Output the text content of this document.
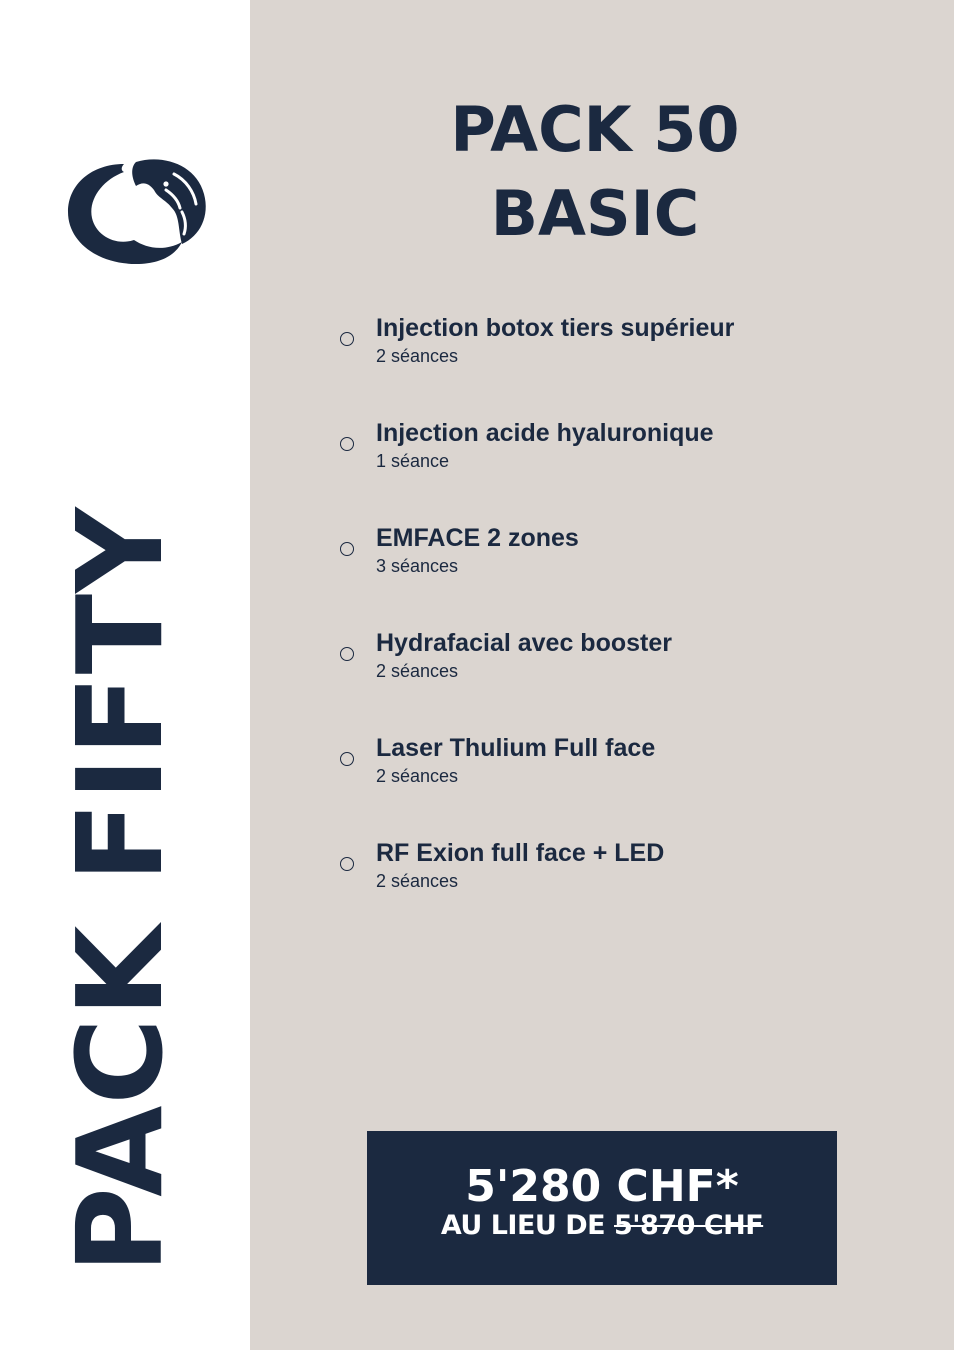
PACK FIFTY
PACK 50
BASIC
Injection botox tiers supérieur
2 séances
Injection acide hyaluronique
1 séance
EMFACE 2 zones
3 séances
Hydrafacial avec booster
2 séances
Laser Thulium Full face
2 séances
RF Exion full face + LED
2 séances
5'280 CHF*
AU LIEU DE 5'870 CHF
